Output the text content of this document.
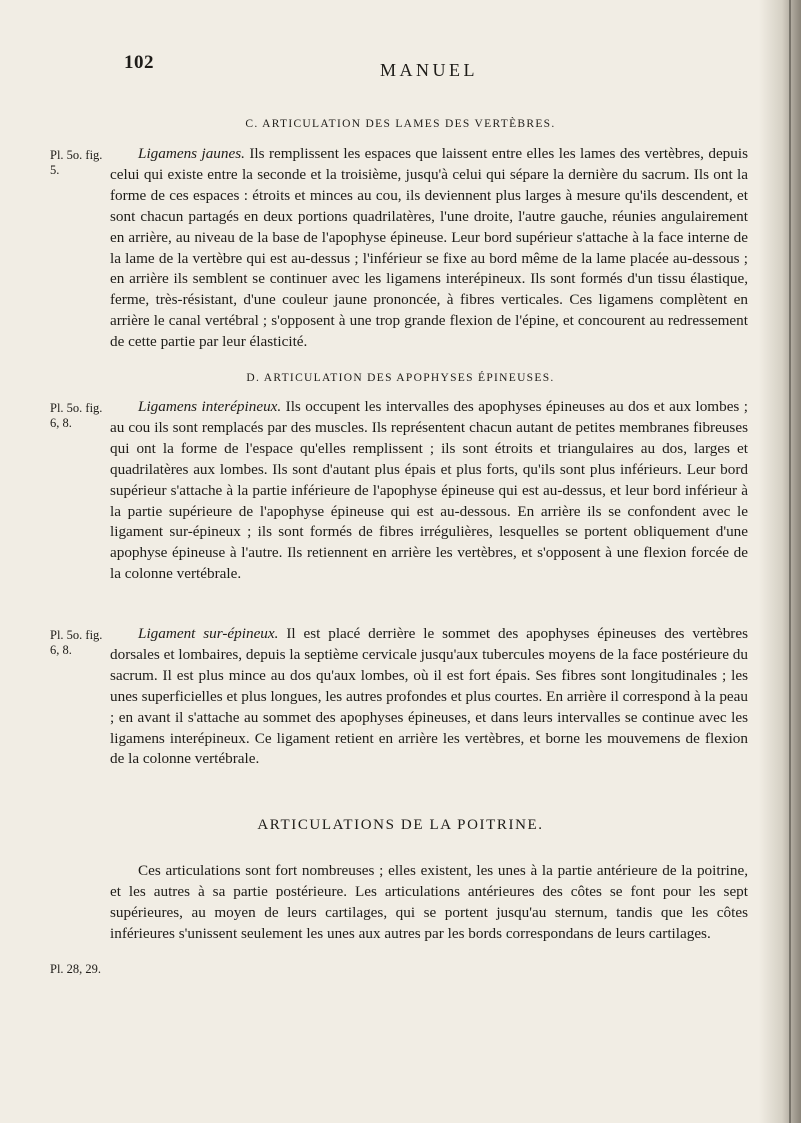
102	MANUEL
C. ARTICULATION DES LAMES DES VERTÈBRES.
Pl. 5o. fig. 5.
Ligamens jaunes. Ils remplissent les espaces que laissent entre elles les lames des vertèbres, depuis celui qui existe entre la seconde et la troisième, jusqu'à celui qui sépare la dernière du sacrum. Ils ont la forme de ces espaces : étroits et minces au cou, ils deviennent plus larges à mesure qu'ils descendent, et sont chacun partagés en deux portions quadrilatères, l'une droite, l'autre gauche, réunies angulairement en arrière, au niveau de la base de l'apophyse épineuse. Leur bord supérieur s'attache à la face interne de la lame de la vertèbre qui est au-dessus ; l'inférieur se fixe au bord même de la lame placée au-dessous ; en arrière ils semblent se continuer avec les ligamens interépineux. Ils sont formés d'un tissu élastique, ferme, très-résistant, d'une couleur jaune prononcée, à fibres verticales. Ces ligamens complètent en arrière le canal vertébral ; s'opposent à une trop grande flexion de l'épine, et concourent au redressement de cette partie par leur élasticité.
D. ARTICULATION DES APOPHYSES ÉPINEUSES.
Pl. 5o. fig. 6, 8.
Ligamens interépineux. Ils occupent les intervalles des apophyses épineuses au dos et aux lombes ; au cou ils sont remplacés par des muscles. Ils représentent chacun autant de petites membranes fibreuses qui ont la forme de l'espace qu'elles remplissent ; ils sont étroits et triangulaires au dos, larges et quadrilatères aux lombes. Ils sont d'autant plus épais et plus forts, qu'ils sont plus inférieurs. Leur bord supérieur s'attache à la partie inférieure de l'apophyse épineuse qui est au-dessus, et leur bord inférieur à la partie supérieure de l'apophyse épineuse qui est au-dessous. En arrière ils se confondent avec le ligament sur-épineux ; ils sont formés de fibres irrégulières, lesquelles se portent obliquement d'une apophyse épineuse à l'autre. Ils retiennent en arrière les vertèbres, et s'opposent à une flexion forcée de la colonne vertébrale.
Pl. 5o. fig. 6, 8.
Ligament sur-épineux. Il est placé derrière le sommet des apophyses épineuses des vertèbres dorsales et lombaires, depuis la septième cervicale jusqu'aux tubercules moyens de la face postérieure du sacrum. Il est plus mince au dos qu'aux lombes, où il est fort épais. Ses fibres sont longitudinales ; les unes superficielles et plus longues, les autres profondes et plus courtes. En arrière il correspond à la peau ; en avant il s'attache au sommet des apophyses épineuses, et dans leurs intervalles se continue avec les ligamens interépineux. Ce ligament retient en arrière les vertèbres, et borne les mouvemens de flexion de la colonne vertébrale.
ARTICULATIONS DE LA POITRINE.
Ces articulations sont fort nombreuses ; elles existent, les unes à la partie antérieure de la poitrine, et les autres à sa partie postérieure. Les articulations antérieures des côtes se font pour les sept supérieures, au moyen de leurs cartilages, qui se portent jusqu'au sternum, tandis que les côtes inférieures s'unissent seulement les unes aux autres par les bords correspondans de leurs cartilages.
Pl. 28, 29.
